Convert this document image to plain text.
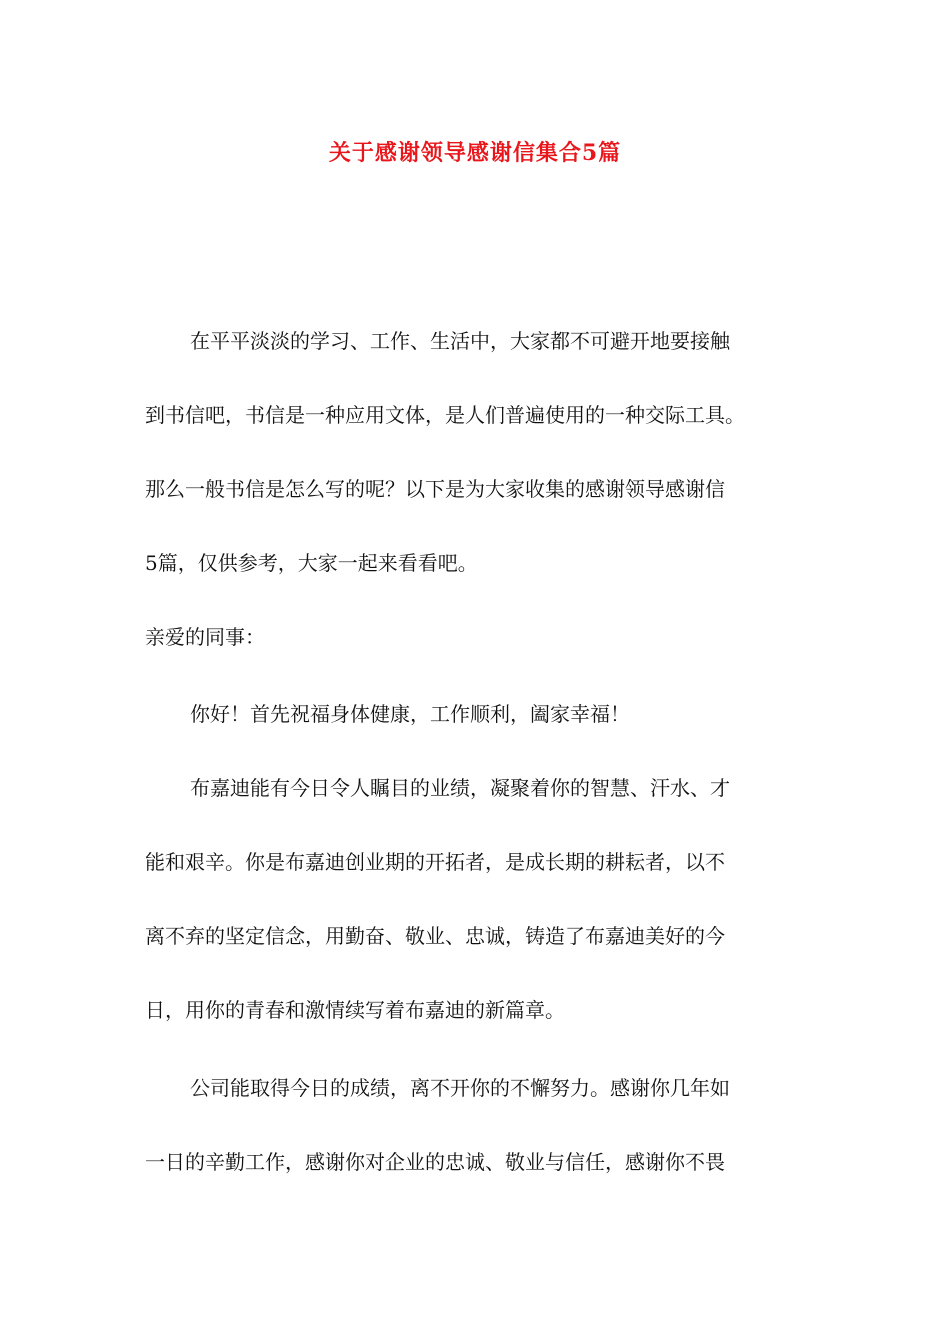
关于感谢领导感谢信集合5篇
在平平淡淡的学习、工作、生活中，大家都不可避开地要接触
到书信吧，书信是一种应用文体，是人们普遍使用的一种交际工具。
那么一般书信是怎么写的呢？以下是为大家收集的感谢领导感谢信
5篇，仅供参考，大家一起来看看吧。
亲爱的同事：
你好！首先祝福身体健康，工作顺利，阖家幸福！
布嘉迪能有今日令人瞩目的业绩，凝聚着你的智慧、汗水、才
能和艰辛。你是布嘉迪创业期的开拓者，是成长期的耕耘者，以不
离不弃的坚定信念，用勤奋、敬业、忠诚，铸造了布嘉迪美好的今
日，用你的青春和激情续写着布嘉迪的新篇章。
公司能取得今日的成绩，离不开你的不懈努力。感谢你几年如
一日的辛勤工作，感谢你对企业的忠诚、敬业与信任，感谢你不畏
